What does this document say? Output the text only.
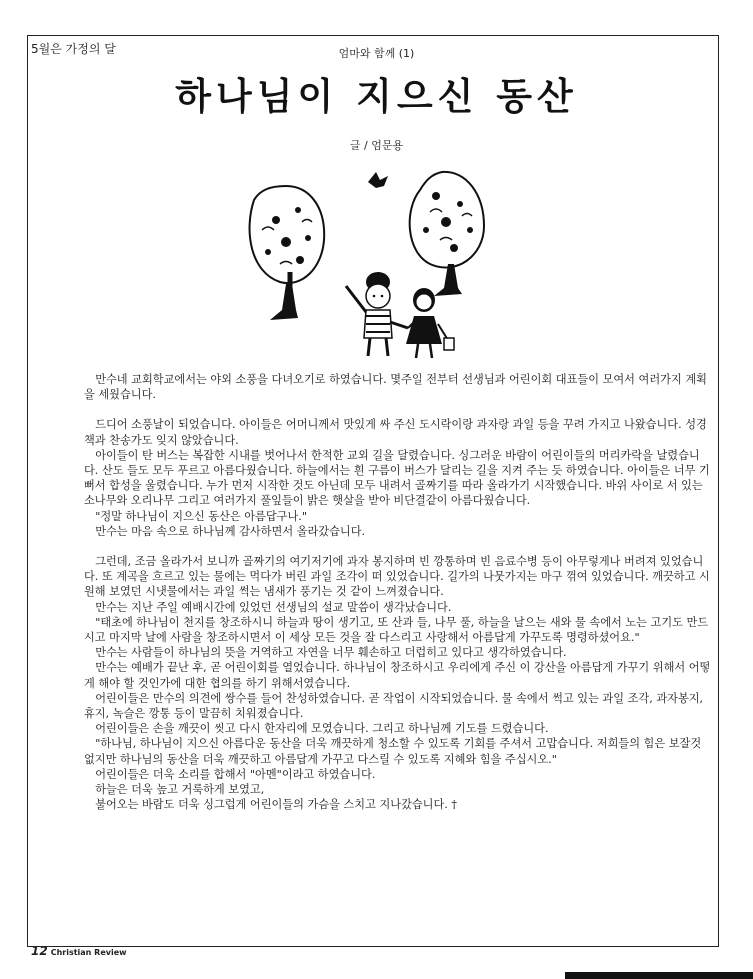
5월은 가정의 달	엄마와 함께 (1)
하나님이 지으신 동산
글 / 엄문용

만수네 교회학교에서는 야외 소풍을 다녀오기로 하였습니다. 몇주일 전부터 선생님과 어린이회 대표들이 모여서 여러가지 계획을 세웠습니다.

드디어 소풍날이 되었습니다. 아이들은 어머니께서 맛있게 싸 주신 도시락이랑 과자랑 과일 등을 꾸려 가지고 나왔습니다. 성경책과 찬송가도 잊지 않았습니다.

아이들이 탄 버스는 복잡한 시내를 벗어나서 한적한 교외 길을 달렸습니다. 싱그러운 바람이 어린이들의 머리카락을 날렸습니다. 산도 들도 모두 푸르고 아름다웠습니다. 하늘에서는 흰 구름이 버스가 달리는 길을 지켜 주는 듯 하였습니다. 아이들은 너무 기뻐서 합성을 울렸습니다. 누가 먼저 시작한 것도 아닌데 모두 내려서 골짜기를 따라 올라가기 시작했습니다. 바위 사이로 서 있는 소나무와 오리나무 그리고 여러가지 풀잎들이 밝은 햇살을 받아 비단결같이 아름다웠습니다.

"정말 하나님이 지으신 동산은 아름답구나."

만수는 마음 속으로 하나님께 감사하면서 올라갔습니다.

그런데, 조금 올라가서 보니까 골짜기의 여기저기에 과자 봉지하며 빈 깡통하며 빈 음료수병 등이 아무렇게나 버려져 있었습니다. 또 계곡을 흐르고 있는 물에는 먹다가 버린 과일 조각이 떠 있었습니다. 길가의 나뭇가지는 마구 꺾여 있었습니다. 깨끗하고 시원해 보였던 시냇물에서는 과일 썩는 냄새가 풍기는 것 같이 느껴졌습니다.

만수는 지난 주일 예배시간에 있었던 선생님의 설교 말씀이 생각났습니다.

"태초에 하나님이 천지를 창조하시니 하늘과 땅이 생기고, 또 산과 들, 나무 풀, 하늘을 날으는 새와 물 속에서 노는 고기도 만드시고 마지막 날에 사람을 창조하시면서 이 세상 모든 것을 잘 다스리고 사랑해서 아름답게 가꾸도록 명령하셨어요."

만수는 사람들이 하나님의 뜻을 거역하고 자연을 너무 훼손하고 더럽히고 있다고 생각하였습니다.

만수는 예배가 끝난 후, 곧 어린이회를 열었습니다. 하나님이 창조하시고 우리에게 주신 이 강산을 아름답게 가꾸기 위해서 어떻게 해야 할 것인가에 대한 협의를 하기 위해서였습니다.

어린이들은 만수의 의견에 쌍수를 들어 찬성하였습니다. 곧 작업이 시작되었습니다. 물 속에서 썩고 있는 과일 조각, 과자봉지, 휴지, 녹슬은 깡통 등이 말끔히 치워졌습니다.

어린이들은 손을 깨끗이 씻고 다시 한자리에 모였습니다. 그리고 하나님께 기도를 드렸습니다.

"하나님, 하나님이 지으신 아름다운 동산을 더욱 깨끗하게 청소할 수 있도록 기회를 주셔서 고맙습니다. 저희들의 힘은 보잘것 없지만 하나님의 동산을 더욱 깨끗하고 아름답게 가꾸고 다스릴 수 있도록 지혜와 힘을 주십시오."

어린이들은 더욱 소리를 합해서 "아멘"이라고 하였습니다.

하늘은 더욱 높고 거룩하게 보였고,

불어오는 바람도 더욱 싱그럽게 어린이들의 가슴을 스치고 지나갔습니다. †

12 Christian Review
